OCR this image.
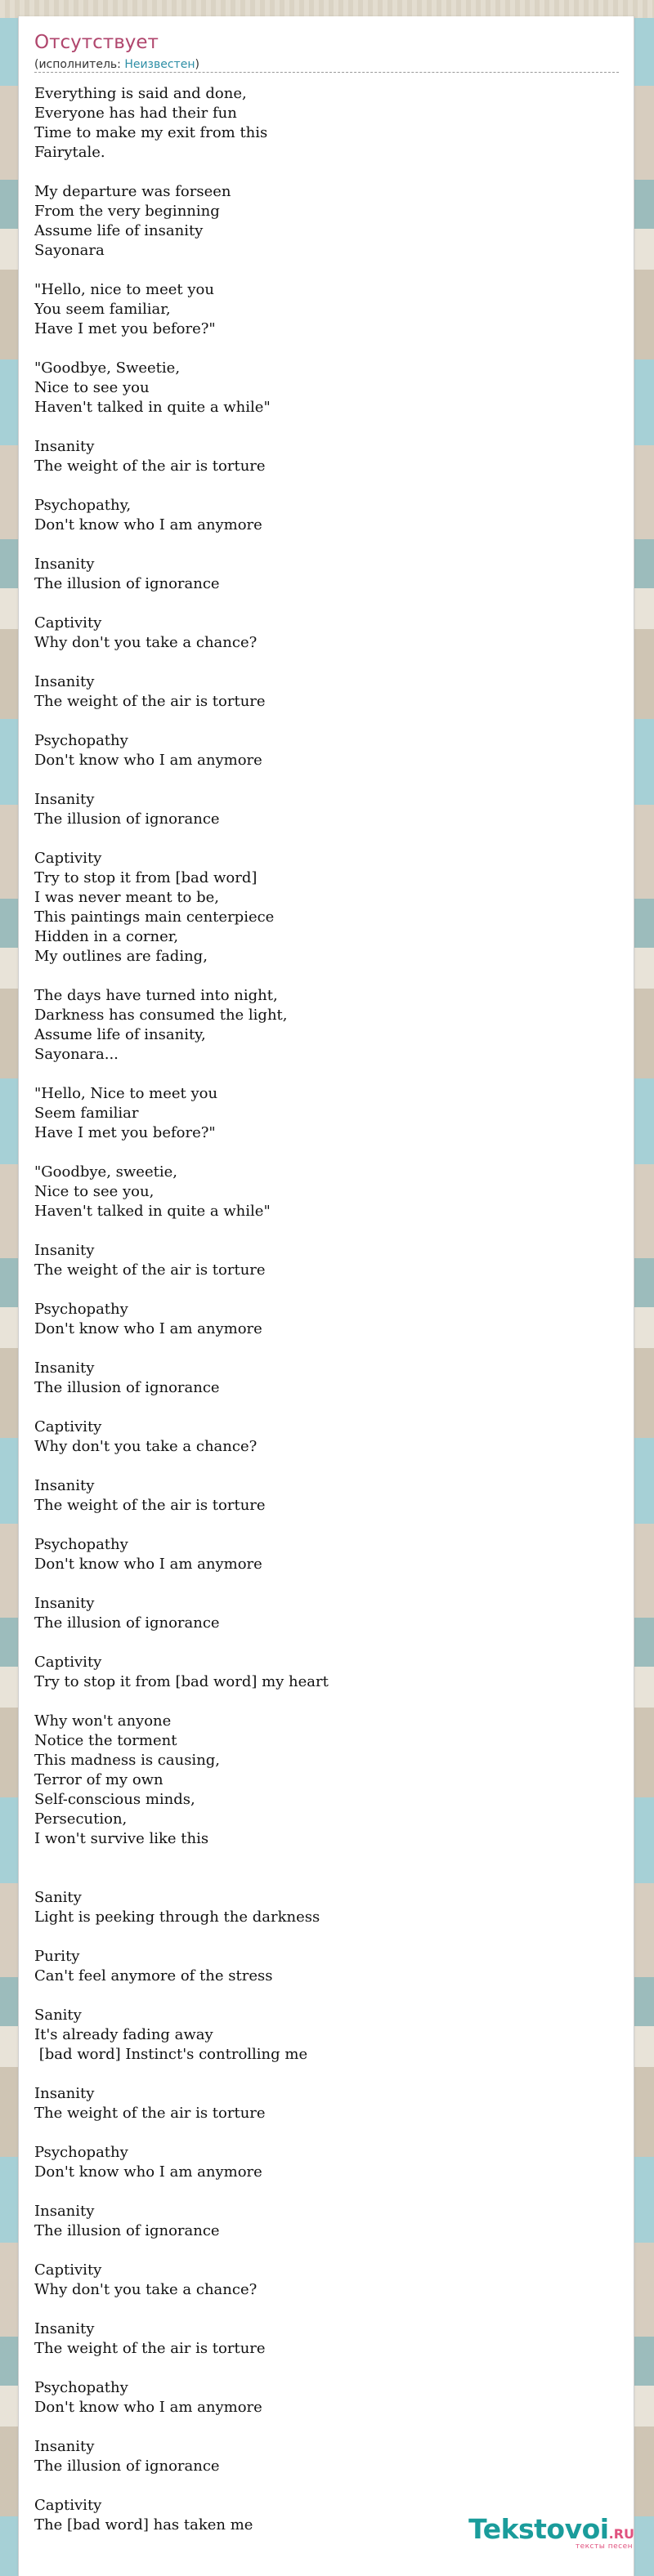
Отсутствует
(исполнитель: Неизвестен)
Everything is said and done,
Everyone has had their fun
Time to make my exit from this
Fairytale.

My departure was forseen
From the very beginning
Assume life of insanity
Sayonara

"Hello, nice to meet you
You seem familiar,
Have I met you before?"

"Goodbye, Sweetie,
Nice to see you
Haven't talked in quite a while"

Insanity
The weight of the air is torture

Psychopathy,
Don't know who I am anymore

Insanity
The illusion of ignorance

Captivity
Why don't you take a chance?

Insanity
The weight of the air is torture

Psychopathy
Don't know who I am anymore

Insanity
The illusion of ignorance

Captivity
Try to stop it from [bad word]
I was never meant to be,
This paintings main centerpiece
Hidden in a corner,
My outlines are fading,

The days have turned into night,
Darkness has consumed the light,
Assume life of insanity,
Sayonara...

"Hello, Nice to meet you
Seem familiar
Have I met you before?"

"Goodbye, sweetie,
Nice to see you,
Haven't talked in quite a while"

Insanity
The weight of the air is torture

Psychopathy
Don't know who I am anymore

Insanity
The illusion of ignorance

Captivity
Why don't you take a chance?

Insanity
The weight of the air is torture

Psychopathy
Don't know who I am anymore

Insanity
The illusion of ignorance

Captivity
Try to stop it from [bad word] my heart

Why won't anyone
Notice the torment
This madness is causing,
Terror of my own
Self-conscious minds,
Persecution,
I won't survive like this

Sanity
Light is peeking through the darkness

Purity
Can't feel anymore of the stress

Sanity
It's already fading away
[bad word] Instinct's controlling me

Insanity
The weight of the air is torture

Psychopathy
Don't know who I am anymore

Insanity
The illusion of ignorance

Captivity
Why don't you take a chance?

Insanity
The weight of the air is torture

Psychopathy
Don't know who I am anymore

Insanity
The illusion of ignorance

Captivity
The [bad word] has taken me	Tekstovoi.RU
тексты песен
